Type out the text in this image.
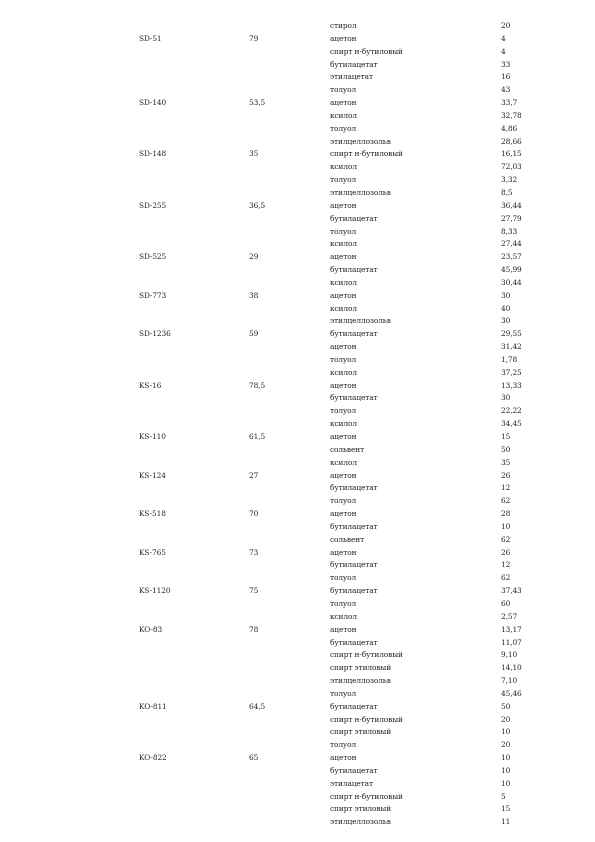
стирол	20
SD-51	79	ацетон	4
спирт н-бутиловый	4
бутилацетат	33
этилацетат	16
толуол	43
SD-140	53,5	ацетон	33,7
ксилол	32,78
толуол	4,86
этилцеллозольв	28,66
SD-148	35	спирт н-бутиловый	16,15
ксилол	72,03
толуол	3,32
этилцеллозольв	8,5
SD-255	36,5	ацетон	36,44
бутилацетат	27,79
толуол	8,33
ксилол	27,44
SD-525	29	ацетон	23,57
бутилацетат	45,99
ксилол	30,44
SD-773	38	ацетон	30
ксилол	40
этилцеллозольв	30
SD-1236	59	бутилацетат	29,55
ацетон	31,42
толуол	1,78
ксилол	37,25
KS-16	78,5	ацетон	13,33
бутилацетат	30
толуол	22,22
ксилол	34,45
KS-110	61,5	ацетон	15
сольвент	50
ксилол	35
KS-124	27	ацетон	26
бутилацетат	12
толуол	62
KS-518	70	ацетон	28
бутилацетат	10
сольвент	62
KS-765	73	ацетон	26
бутилацетат	12
толуол	62
KS-1120	75	бутилацетат	37,43
толуол	60
ксилол	2,57
KO-83	78	ацетон	13,17
бутилацетат	11,07
спирт н-бутиловый	9,10
спирт этиловый	14,10
этилцеллозольв	7,10
толуол	45,46
KO-811	64,5	бутилацетат	50
спирт н-бутиловый	20
спирт этиловый	10
толуол	20
KO-822	65	ацетон	10
бутилацетат	10
этилацетат	10
спирт н-бутиловый	5
спирт этиловый	15
этилцеллозольв	11
